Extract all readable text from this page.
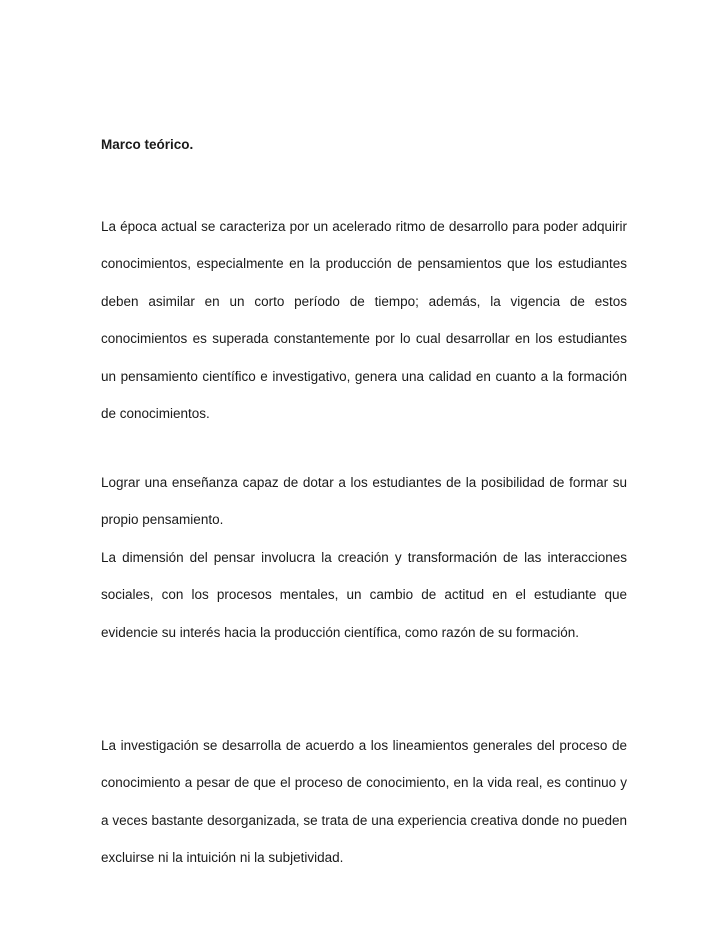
Marco teórico.

La época actual se caracteriza por un acelerado ritmo de desarrollo para poder adquirir conocimientos, especialmente en la producción de pensamientos que los estudiantes deben asimilar en un corto período de tiempo; además, la vigencia de estos conocimientos es superada constantemente por lo cual desarrollar en los estudiantes un pensamiento científico e investigativo, genera una calidad en cuanto a la formación de conocimientos.

Lograr una enseñanza capaz de dotar a los estudiantes de la posibilidad de formar su propio pensamiento.

La dimensión del pensar involucra la creación y transformación de las interacciones sociales, con los procesos mentales, un cambio de actitud en el estudiante que evidencie su interés hacia la producción científica, como razón de su formación.

La investigación se desarrolla de acuerdo a los lineamientos generales del proceso de conocimiento a pesar de que el proceso de conocimiento, en la vida real, es continuo y a veces bastante desorganizada, se trata de una experiencia creativa donde no pueden excluirse ni la intuición ni la subjetividad.
